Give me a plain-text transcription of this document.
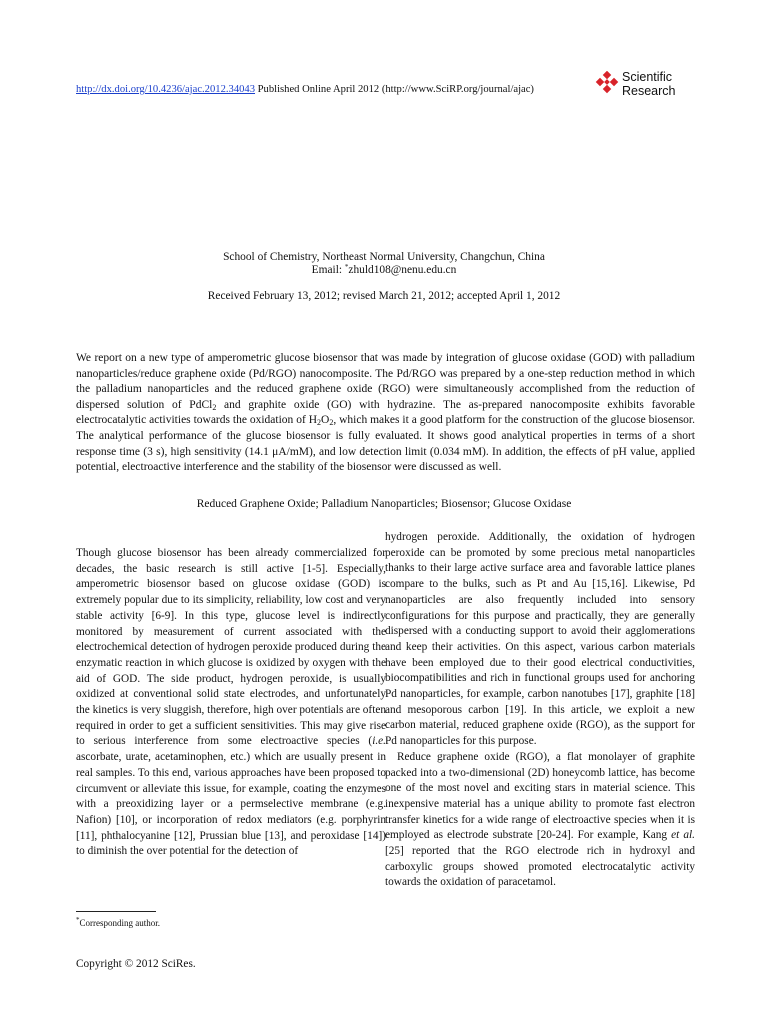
http://dx.doi.org/10.4236/ajac.2012.34043 Published Online April 2012 (http://www.SciRP.org/journal/ajac)
Scientific
Research
School of Chemistry, Northeast Normal University, Changchun, China
Email: *zhuld108@nenu.edu.cn
Received February 13, 2012; revised March 21, 2012; accepted April 1, 2012
We report on a new type of amperometric glucose biosensor that was made by integration of glucose oxidase (GOD) with palladium nanoparticles/reduce graphene oxide (Pd/RGO) nanocomposite. The Pd/RGO was prepared by a one-step reduction method in which the palladium nanoparticles and the reduced graphene oxide (RGO) were simultaneously accomplished from the reduction of dispersed solution of PdCl$_2$ and graphite oxide (GO) with hydrazine. The as-prepared nanocomposite exhibits favorable electrocatalytic activities towards the oxidation of $H_2O_2$, which makes it a good platform for the construction of the glucose biosensor. The analytical performance of the glucose biosensor is fully evaluated. It shows good analytical properties in terms of a short response time (3 s), high sensitivity (14.1 μA/mM), and low detection limit (0.034 mM). In addition, the effects of pH value, applied potential, electroactive interference and the stability of the biosensor were discussed as well.
Reduced Graphene Oxide; Palladium Nanoparticles; Biosensor; Glucose Oxidase

Though glucose biosensor has been already commercialized for decades, the basic research is still active [1-5]. Especially, amperometric biosensor based on glucose oxidase (GOD) is extremely popular due to its simplicity, reliability, low cost and very stable activity [6-9]. In this type, glucose level is indirectly monitored by measurement of current associated with the electrochemical detection of hydrogen peroxide produced during the enzymatic reaction in which glucose is oxidized by oxygen with the aid of GOD. The side product, hydrogen peroxide, is usually oxidized at conventional solid state electrodes, and unfortunately the kinetics is very sluggish, therefore, high over potentials are often required in order to get a sufficient sensitivities. This may give rise to serious interference from some electroactive species (i.e. ascorbate, urate, acetaminophen, etc.) which are usually present in real samples. To this end, various approaches have been proposed to circumvent or alleviate this issue, for example, coating the enzymes with a preoxidizing layer or a permselective membrane (e.g. Nafion) [10], or incorporation of redox mediators (e.g. porphyrin [11], phthalocyanine [12], Prussian blue [13], and peroxidase [14]) to diminish the over potential for the detection of

hydrogen peroxide. Additionally, the oxidation of hydrogen peroxide can be promoted by some precious metal nanoparticles thanks to their large active surface area and favorable lattice planes compare to the bulks, such as Pt and Au [15,16]. Likewise, Pd nanoparticles are also frequently included into sensory configurations for this purpose and practically, they are generally dispersed with a conducting support to avoid their agglomerations and keep their activities. On this aspect, various carbon materials have been employed due to their good electrical conductivities, biocompatibilities and rich in functional groups used for anchoring Pd nanoparticles, for example, carbon nanotubes [17], graphite [18] and mesoporous carbon [19]. In this article, we exploit a new carbon material, reduced graphene oxide (RGO), as the support for Pd nanoparticles for this purpose.

Reduce graphene oxide (RGO), a flat monolayer of graphite packed into a two-dimensional (2D) honeycomb lattice, has become one of the most novel and exciting stars in material science. This inexpensive material has a unique ability to promote fast electron transfer kinetics for a wide range of electroactive species when it is employed as electrode substrate [20-24]. For example, Kang et al. [25] reported that the RGO electrode rich in hydroxyl and carboxylic groups showed promoted electrocatalytic activity towards the oxidation of paracetamol.

*Corresponding author.
Copyright © 2012 SciRes.
